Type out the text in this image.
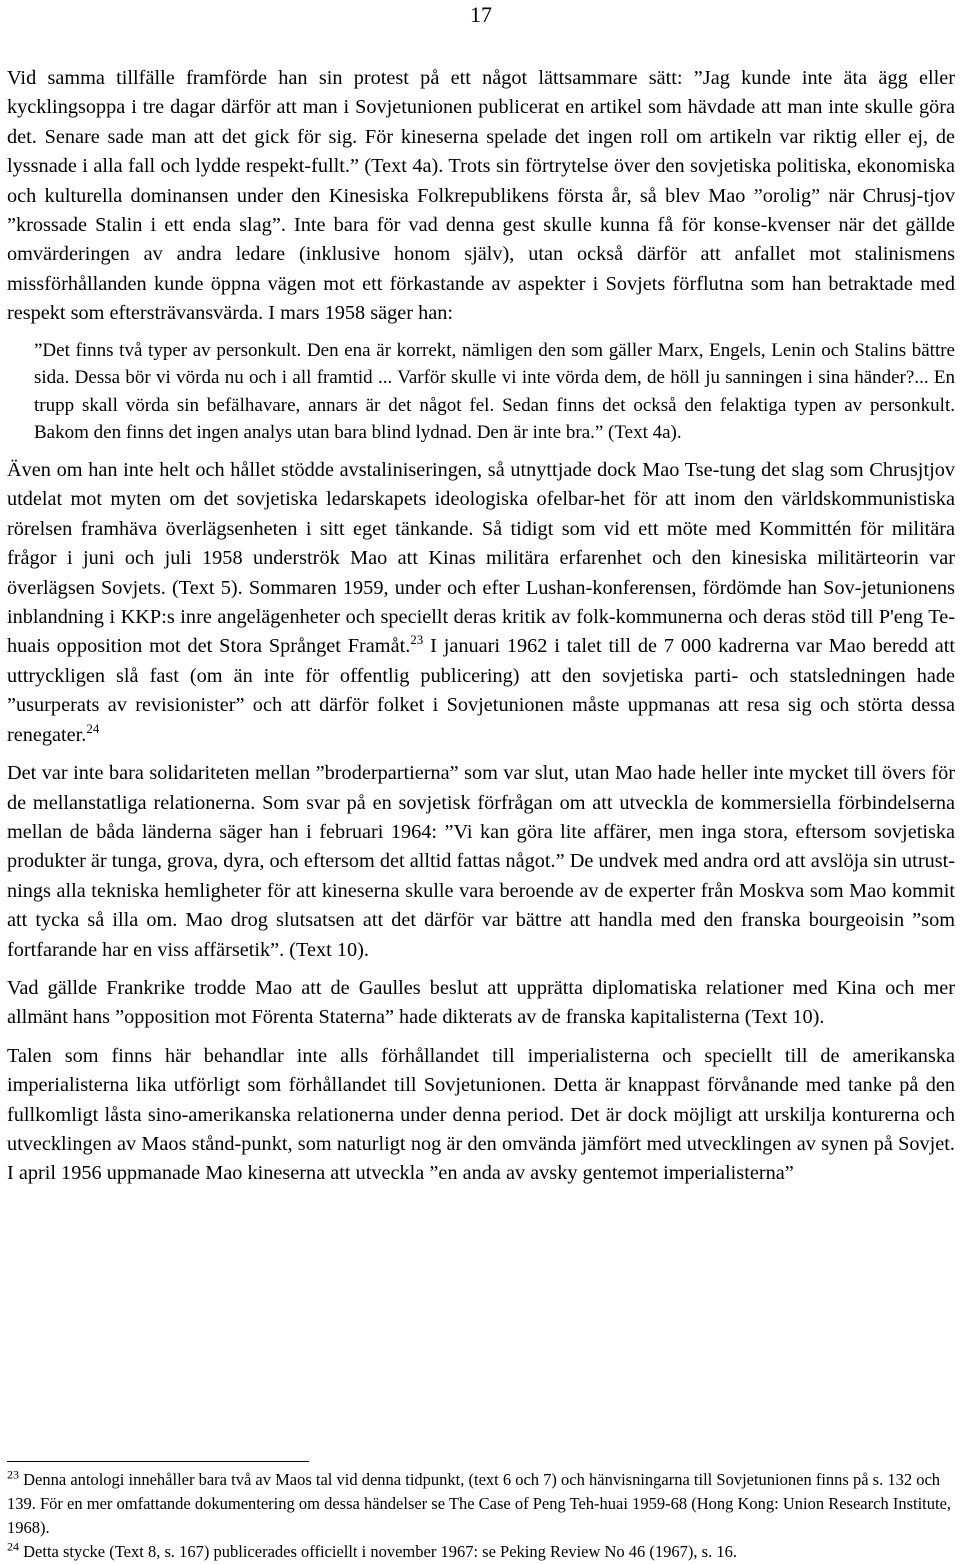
17

Vid samma tillfälle framförde han sin protest på ett något lättsammare sätt: ”Jag kunde inte äta ägg eller kycklingsoppa i tre dagar därför att man i Sovjetunionen publicerat en artikel som hävdade att man inte skulle göra det. Senare sade man att det gick för sig. För kineserna spelade det ingen roll om artikeln var riktig eller ej, de lyssnade i alla fall och lydde respekt-fullt.” (Text 4a). Trots sin förtrytelse över den sovjetiska politiska, ekonomiska och kulturella dominansen under den Kinesiska Folkrepublikens första år, så blev Mao ”orolig” när Chrusj-tjov ”krossade Stalin i ett enda slag”. Inte bara för vad denna gest skulle kunna få för konse-kvenser när det gällde omvärderingen av andra ledare (inklusive honom själv), utan också därför att anfallet mot stalinismens missförhållanden kunde öppna vägen mot ett förkastande av aspekter i Sovjets förflutna som han betraktade med respekt som eftersträvansvärda. I mars 1958 säger han:

”Det finns två typer av personkult. Den ena är korrekt, nämligen den som gäller Marx, Engels, Lenin och Stalins bättre sida. Dessa bör vi vörda nu och i all framtid ... Varför skulle vi inte vörda dem, de höll ju sanningen i sina händer?... En trupp skall vörda sin befälhavare, annars är det något fel. Sedan finns det också den felaktiga typen av personkult. Bakom den finns det ingen analys utan bara blind lydnad. Den är inte bra.” (Text 4a).

Även om han inte helt och hållet stödde avstaliniseringen, så utnyttjade dock Mao Tse-tung det slag som Chrusjtjov utdelat mot myten om det sovjetiska ledarskapets ideologiska ofelbar-het för att inom den världskommunistiska rörelsen framhäva överlägsenheten i sitt eget tänkande. Så tidigt som vid ett möte med Kommittén för militära frågor i juni och juli 1958 underströk Mao att Kinas militära erfarenhet och den kinesiska militärteorin var överlägsen Sovjets. (Text 5). Sommaren 1959, under och efter Lushan-konferensen, fördömde han Sov-jetunionens inblandning i KKP:s inre angelägenheter och speciellt deras kritik av folk-kommunerna och deras stöd till P'eng Te-huais opposition mot det Stora Språnget Framåt.$^{23}$ I januari 1962 i talet till de 7 000 kadrerna var Mao beredd att uttryckligen slå fast (om än inte för offentlig publicering) att den sovjetiska parti- och statsledningen hade ”usurperats av revisionister” och att därför folket i Sovjetunionen måste uppmanas att resa sig och störta dessa renegater.$^{24}$

Det var inte bara solidariteten mellan ”broderpartierna” som var slut, utan Mao hade heller inte mycket till övers för de mellanstatliga relationerna. Som svar på en sovjetisk förfrågan om att utveckla de kommersiella förbindelserna mellan de båda länderna säger han i februari 1964: ”Vi kan göra lite affärer, men inga stora, eftersom sovjetiska produkter är tunga, grova, dyra, och eftersom det alltid fattas något.” De undvek med andra ord att avslöja sin utrust-nings alla tekniska hemligheter för att kineserna skulle vara beroende av de experter från Moskva som Mao kommit att tycka så illa om. Mao drog slutsatsen att det därför var bättre att handla med den franska bourgeoisin ”som fortfarande har en viss affärsetik”. (Text 10).

Vad gällde Frankrike trodde Mao att de Gaulles beslut att upprätta diplomatiska relationer med Kina och mer allmänt hans ”opposition mot Förenta Staterna” hade dikterats av de franska kapitalisterna (Text 10).

Talen som finns här behandlar inte alls förhållandet till imperialisterna och speciellt till de amerikanska imperialisterna lika utförligt som förhållandet till Sovjetunionen. Detta är knappast förvånande med tanke på den fullkomligt låsta sino-amerikanska relationerna under denna period. Det är dock möjligt att urskilja konturerna och utvecklingen av Maos stånd-punkt, som naturligt nog är den omvända jämfört med utvecklingen av synen på Sovjet. I april 1956 uppmanade Mao kineserna att utveckla ”en anda av avsky gentemot imperialisterna”

$^{23}$ Denna antologi innehåller bara två av Maos tal vid denna tidpunkt, (text 6 och 7) och hänvisningarna till Sovjetunionen finns på s. 132 och 139. För en mer omfattande dokumentering om dessa händelser se The Case of Peng Teh-huai 1959-68 (Hong Kong: Union Research Institute, 1968).

$^{24}$ Detta stycke (Text 8, s. 167) publicerades officiellt i november 1967: se Peking Review No 46 (1967), s. 16.
